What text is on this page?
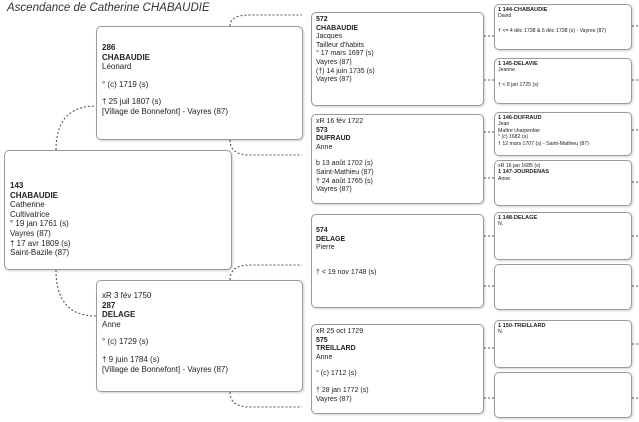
Ascendance de Catherine CHABAUDIE
143
CHABAUDIE
Catherine
Cultivatrice
° 19 jan 1761 (s)
Vayres (87)
† 17 avr 1809 (s)
Saint-Bazile (87)
286
CHABAUDIE
Léonard
° (c) 1719 (s)
† 25 juil 1807 (s)
[Village de Bonnefont] - Vayres (87)
xR 3 fév 1750
287
DELAGE
Anne
° (c) 1729 (s)
† 9 juin 1784 (s)
[Village de Bonnefont] - Vayres (87)
572
CHABAUDIE
Jacques
Tailleur d'habits
° 17 mars 1697 (s)
Vayres (87)
(†) 14 juin 1735 (s)
Vayres (87)
xR 16 fév 1722
573
DUFRAUD
Anne
b 13 août 1702 (s)
Saint-Mathieu (87)
† 24 août 1765 (s)
Vayres (87)
574
DELAGE
Pierre
† < 19 nov 1748 (s)
xR 25 oct 1729
575
TREILLARD
Anne
° (c) 1712 (s)
† 28 jan 1772 (s)
Vayres (87)
1 144-CHABAUDIE
David
† <= 4 déc 1738 & 5 déc 1738 (s) - Vayres (87)
1 145-DELAVIE
Jeanne
† < 9 jan 1725 (s)
1 146-DUFRAUD
Jean
Maître charpentier
° (c) 1682 (s)
† 12 mars 1707 (s) - Saint-Mathieu (87)
xR 16 jan 1685 (s)
1 147-JOURDENAS
Anne
1 148-DELAGE
N.
1 150-TREILLARD
N.
